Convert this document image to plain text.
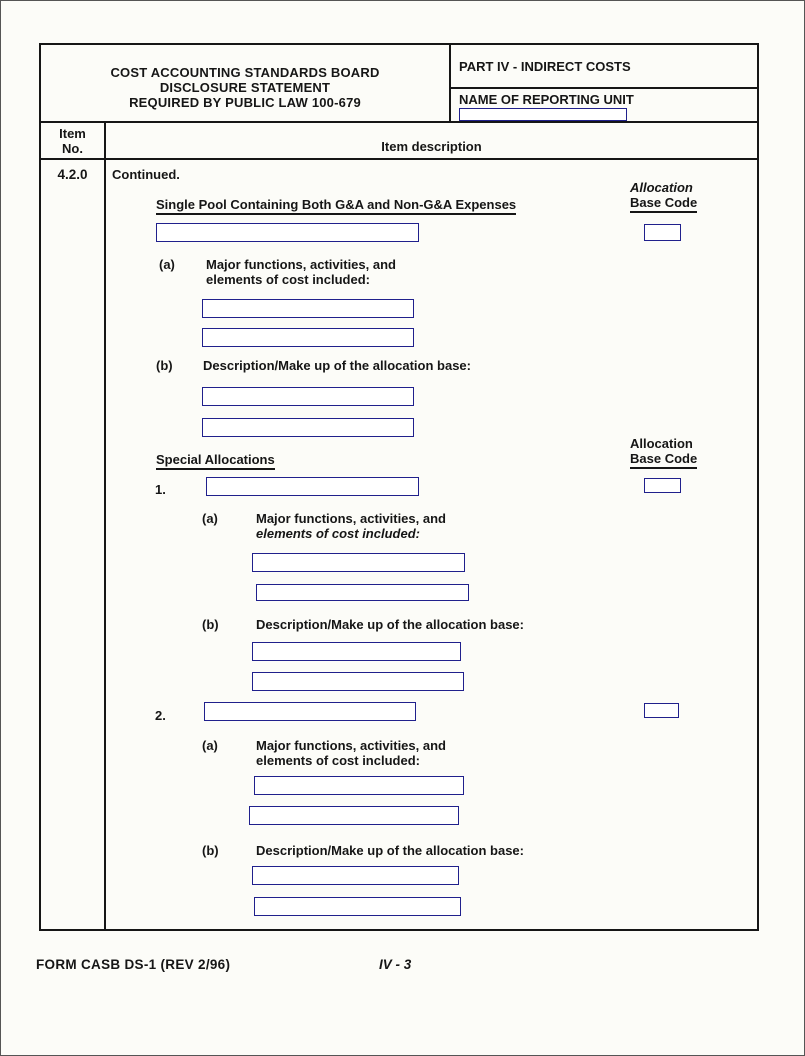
COST ACCOUNTING STANDARDS BOARD
DISCLOSURE STATEMENT
REQUIRED BY PUBLIC LAW 100-679
PART IV - INDIRECT COSTS
NAME OF REPORTING UNIT
Item
No.	Item description
4.2.0	Continued.
Allocation
Base Code
Single Pool Containing Both G&A and Non-G&A Expenses
(a)	Major functions, activities, and
elements of cost included:
(b)	Description/Make up of the allocation base:
Allocation
Base Code
Special Allocations
1.
(a)	Major functions, activities, and
elements of cost included:
(b)	Description/Make up of the allocation base:
2.
(a)	Major functions, activities, and
elements of cost included:
(b)	Description/Make up of the allocation base:
FORM CASB DS-1 (REV 2/96)	IV - 3
